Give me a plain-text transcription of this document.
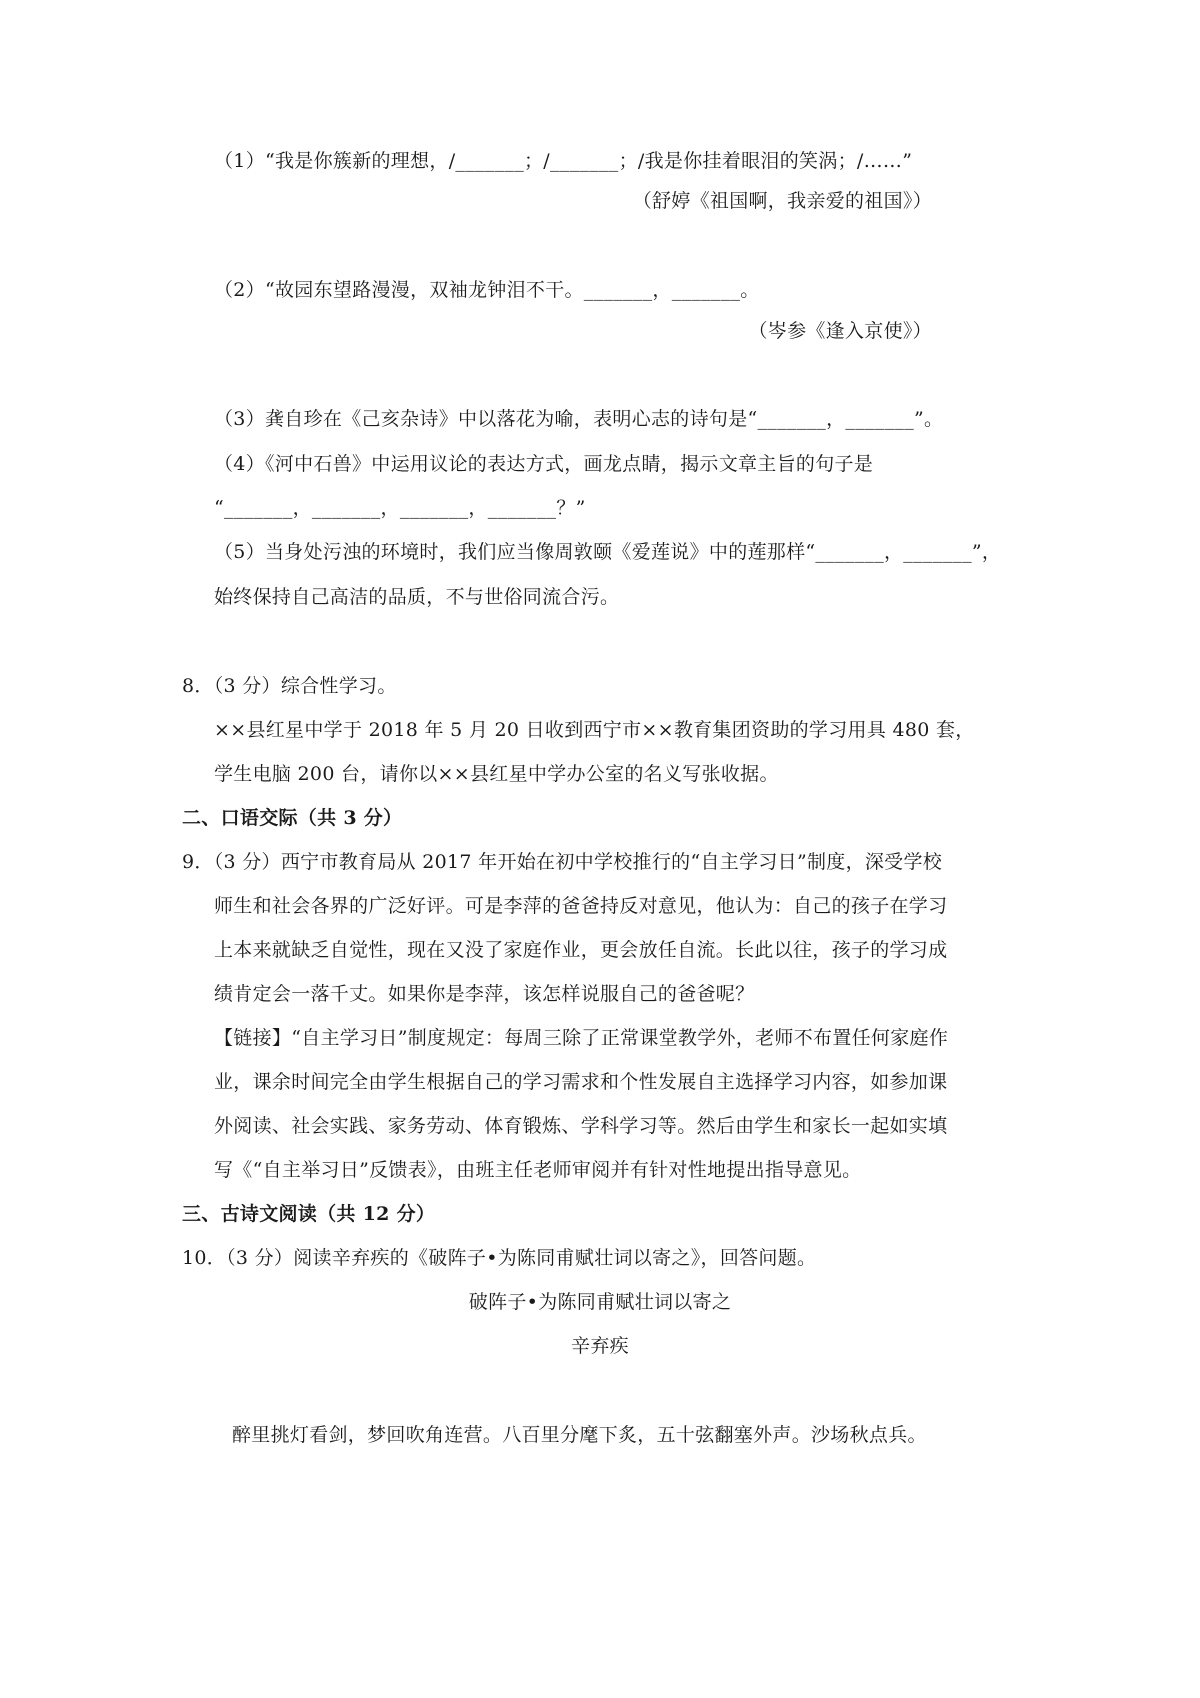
（1）“我是你簇新的理想，/_______；/_______；/我是你挂着眼泪的笑涡；/……”
（舒婷《祖国啊，我亲爱的祖国》）
（2）“故园东望路漫漫，双袖龙钟泪不干。_______，_______。
（岑参《逢入京使》）
（3）龚自珍在《己亥杂诗》中以落花为喻，表明心志的诗句是“_______，_______”。
（4）《河中石兽》中运用议论的表达方式，画龙点睛，揭示文章主旨的句子是
“_______，_______，_______，_______？”
（5）当身处污浊的环境时，我们应当像周敦颐《爱莲说》中的莲那样“_______，_______”，
始终保持自己高洁的品质，不与世俗同流合污。
8．（3 分）综合性学习。
××县红星中学于 2018 年 5 月 20 日收到西宁市××教育集团资助的学习用具 480 套，
学生电脑 200 台，请你以××县红星中学办公室的名义写张收据。
二、口语交际（共 3 分）
9．（3 分）西宁市教育局从 2017 年开始在初中学校推行的“自主学习日”制度，深受学校
师生和社会各界的广泛好评。可是李萍的爸爸持反对意见，他认为：自己的孩子在学习
上本来就缺乏自觉性，现在又没了家庭作业，更会放任自流。长此以往，孩子的学习成
绩肯定会一落千丈。如果你是李萍，该怎样说服自己的爸爸呢？
【链接】“自主学习日”制度规定：每周三除了正常课堂教学外，老师不布置任何家庭作
业，课余时间完全由学生根据自己的学习需求和个性发展自主选择学习内容，如参加课
外阅读、社会实践、家务劳动、体育锻炼、学科学习等。然后由学生和家长一起如实填
写《“自主举习日”反馈表》，由班主任老师审阅并有针对性地提出指导意见。
三、古诗文阅读（共 12 分）
10．（3 分）阅读辛弃疾的《破阵子•为陈同甫赋壮词以寄之》，回答问题。
破阵子•为陈同甫赋壮词以寄之
辛弃疾
醉里挑灯看剑，梦回吹角连营。八百里分麾下炙，五十弦翻塞外声。沙场秋点兵。
